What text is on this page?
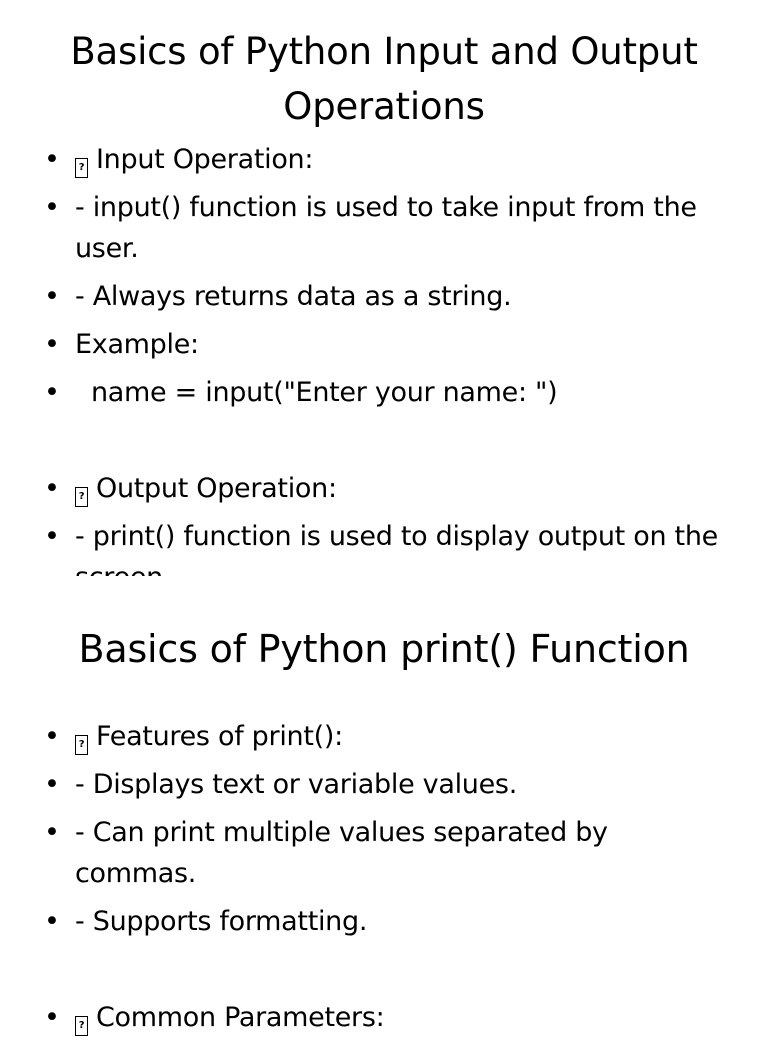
Basics of Python Input and Output Operations
•	? Input Operation:
• - input() function is used to take input from the user.
• - Always returns data as a string.
• Example:
• name = input("Enter your name: ")
•	? Output Operation:
• - print() function is used to display output on the
Basics of Python print() Function
•	? Features of print():
• - Displays text or variable values.
• - Can print multiple values separated by commas.
• - Supports formatting.
•	? Common Parameters:
